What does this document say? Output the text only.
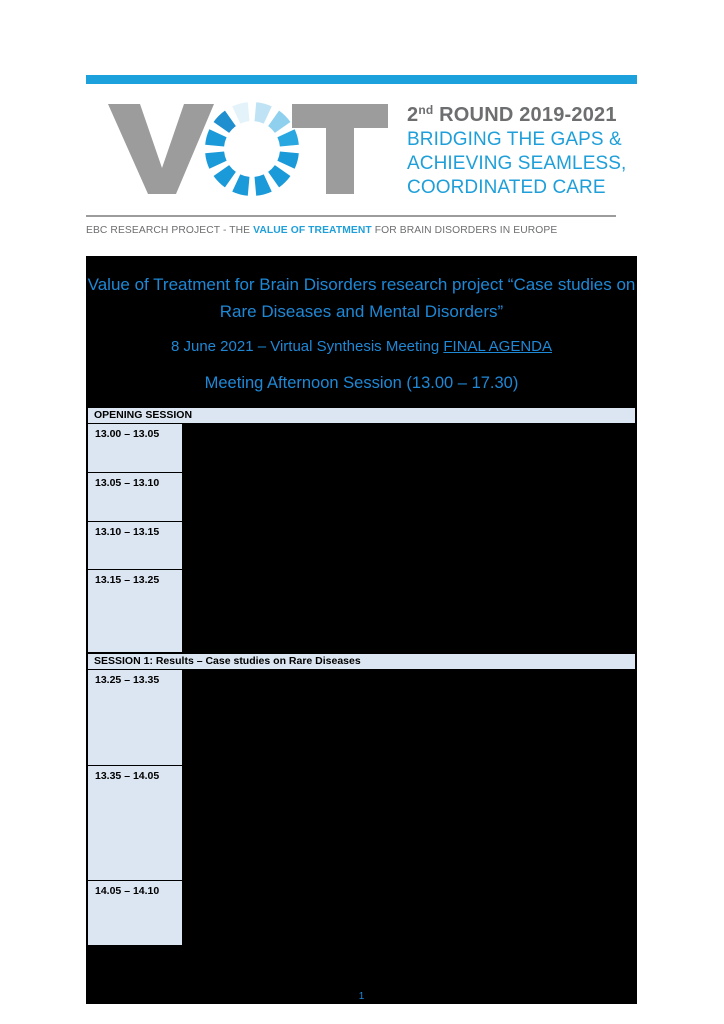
2nd ROUND 2019-2021
BRIDGING THE GAPS &
ACHIEVING SEAMLESS,
COORDINATED CARE
EBC RESEARCH PROJECT - THE VALUE OF TREATMENT FOR BRAIN DISORDERS IN EUROPE
Value of Treatment for Brain Disorders research project “Case studies on Rare Diseases and Mental Disorders”
8 June 2021 – Virtual Synthesis Meeting FINAL AGENDA
Meeting Afternoon Session (13.00 – 17.30)
OPENING SESSION
13.00 – 13.05
13.05 – 13.10
13.10 – 13.15
13.15 – 13.25
SESSION 1: Results – Case studies on Rare Diseases
13.25 – 13.35
13.35 – 14.05
14.05 – 14.10
1
